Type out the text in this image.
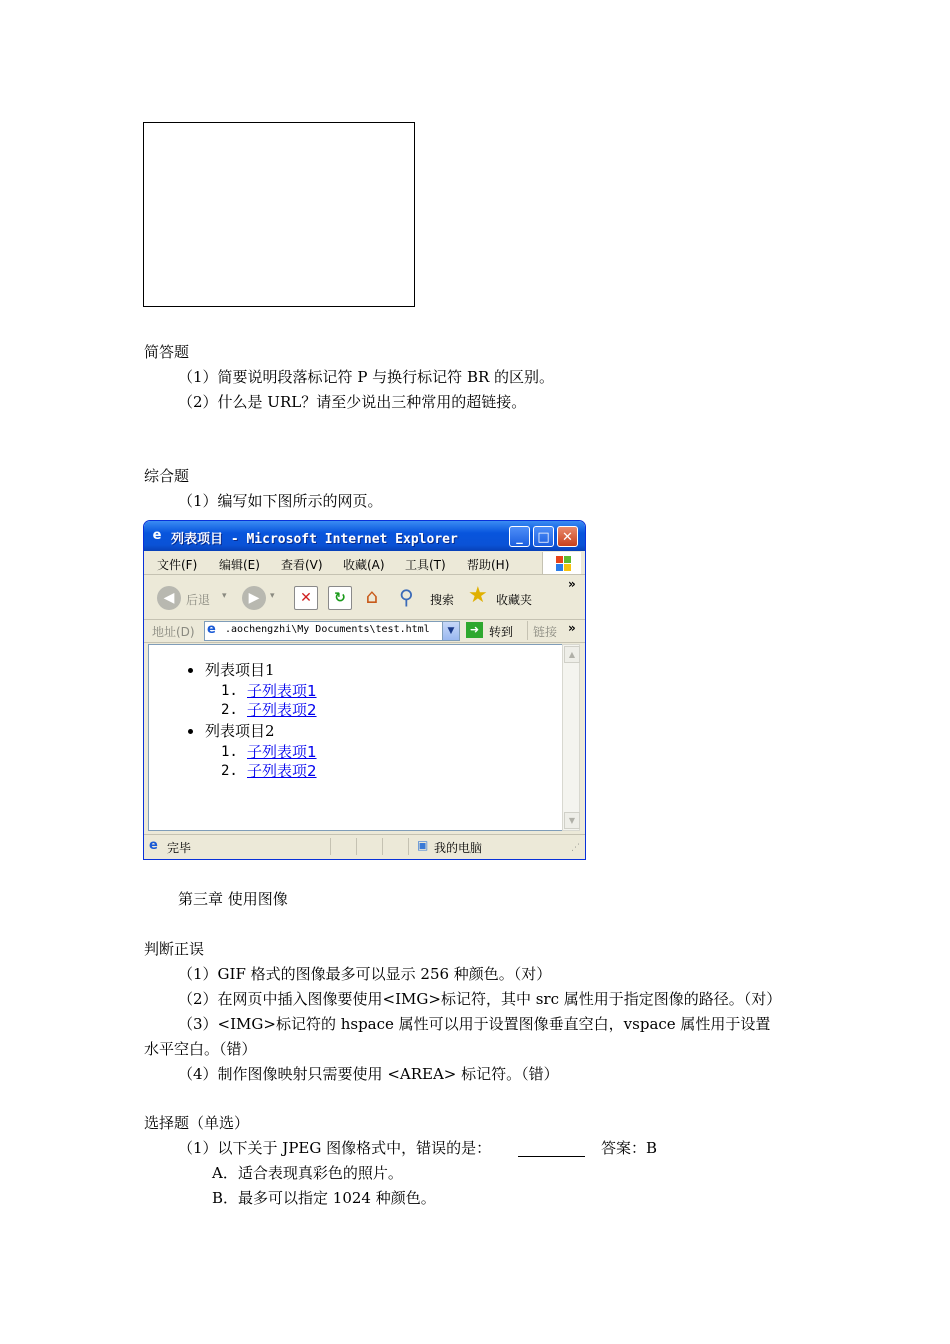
简答题
（1）简要说明段落标记符 P 与换行标记符 BR 的区别。
（2）什么是 URL？请至少说出三种常用的超链接。
综合题
（1）编写如下图所示的网页。
e 列表项目 - Microsoft Internet Explorer	_	□ ✕
文件(F) 编辑(E) 查看(V) 收藏(A) 工具(T) 帮助(H)
◀ 后退 ▾	▶	▾	✕	↻ ⌂ ⚲ 搜索 ★ 收藏夹
»
地址(D) e .aochengzhi\My Documents\test.html	▼	➜ 转到 链接 »
列表项目1
1. 子列表项1
2. 子列表项2
列表项目2
1. 子列表项1
2. 子列表项2
▲
▼
e 完毕	▣ 我的电脑	⋰
第三章 使用图像
判断正误
（1）GIF 格式的图像最多可以显示 256 种颜色。（对）
（2）在网页中插入图像要使用<IMG>标记符，其中 src 属性用于指定图像的路径。（对）
（3）<IMG>标记符的 hspace 属性可以用于设置图像垂直空白，vspace 属性用于设置
水平空白。（错）
（4）制作图像映射只需要使用 <AREA> 标记符。（错）
选择题（单选）
（1）以下关于 JPEG 图像格式中，错误的是：	答案：B
A．适合表现真彩色的照片。
B．最多可以指定 1024 种颜色。
